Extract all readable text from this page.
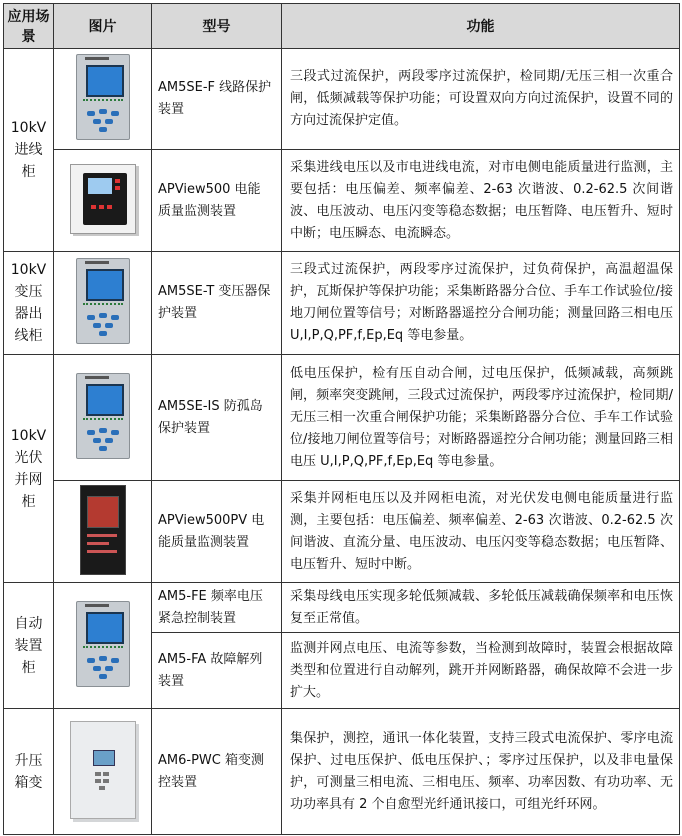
应用场景	图片	型号	功能
10kV进线柜		AM5SE-F 线路保护装置	三段式过流保护，两段零序过流保护，检同期/无压三相一次重合闸，低频减载等保护功能；可设置双向方向过流保护，设置不同的方向过流保护定值。

		APView500 电能质量监测装置	采集进线电压以及市电进线电流，对市电侧电能质量进行监测，主要包括：电压偏差、频率偏差、2-63 次谐波、0.2-62.5 次间谐波、电压波动、电压闪变等稳态数据；电压暂降、电压暂升、短时中断；电压瞬态、电流瞬态。
10kV变压器出线柜		AM5SE-T 变压器保护装置	三段式过流保护，两段零序过流保护，过负荷保护，高温超温保护，瓦斯保护等保护功能；采集断路器分合位、手车工作试验位/接地刀闸位置等信号；对断路器遥控分合闸功能；测量回路三相电压 U,I,P,Q,PF,f,Ep,Eq 等电参量。
10kV光伏并网柜		AM5SE-IS 防孤岛保护装置	低电压保护，检有压自动合闸，过电压保护，低频减载，高频跳闸，频率突变跳闸，三段式过流保护，两段零序过流保护，检同期/无压三相一次重合闸保护功能；采集断路器分合位、手车工作试验位/接地刀闸位置等信号；对断路器遥控分合闸功能；测量回路三相电压 U,I,P,Q,PF,f,Ep,Eq 等电参量。

		APView500PV 电能质量监测装置	采集并网柜电压以及并网柜电流，对光伏发电侧电能质量进行监测，主要包括：电压偏差、频率偏差、2-63 次谐波、0.2-62.5 次间谐波、直流分量、电压波动、电压闪变等稳态数据；电压暂降、电压暂升、短时中断。
自动装置柜		AM5-FE 频率电压紧急控制装置	采集母线电压实现多轮低频减载、多轮低压减载确保频率和电压恢复至正常值。
		AM5-FA 故障解列装置	监测并网点电压、电流等参数，当检测到故障时，装置会根据故障类型和位置进行自动解列，跳开并网断路器，确保故障不会进一步扩大。
升压箱变		AM6-PWC 箱变测控装置	集保护，测控，通讯一体化装置，支持三段式电流保护、零序电流保护、过电压保护、低电压保护、；零序过压保护，以及非电量保护，可测量三相电流、三相电压、频率、功率因数、有功功率、无功功率具有 2 个自愈型光纤通讯接口，可组光纤环网。
